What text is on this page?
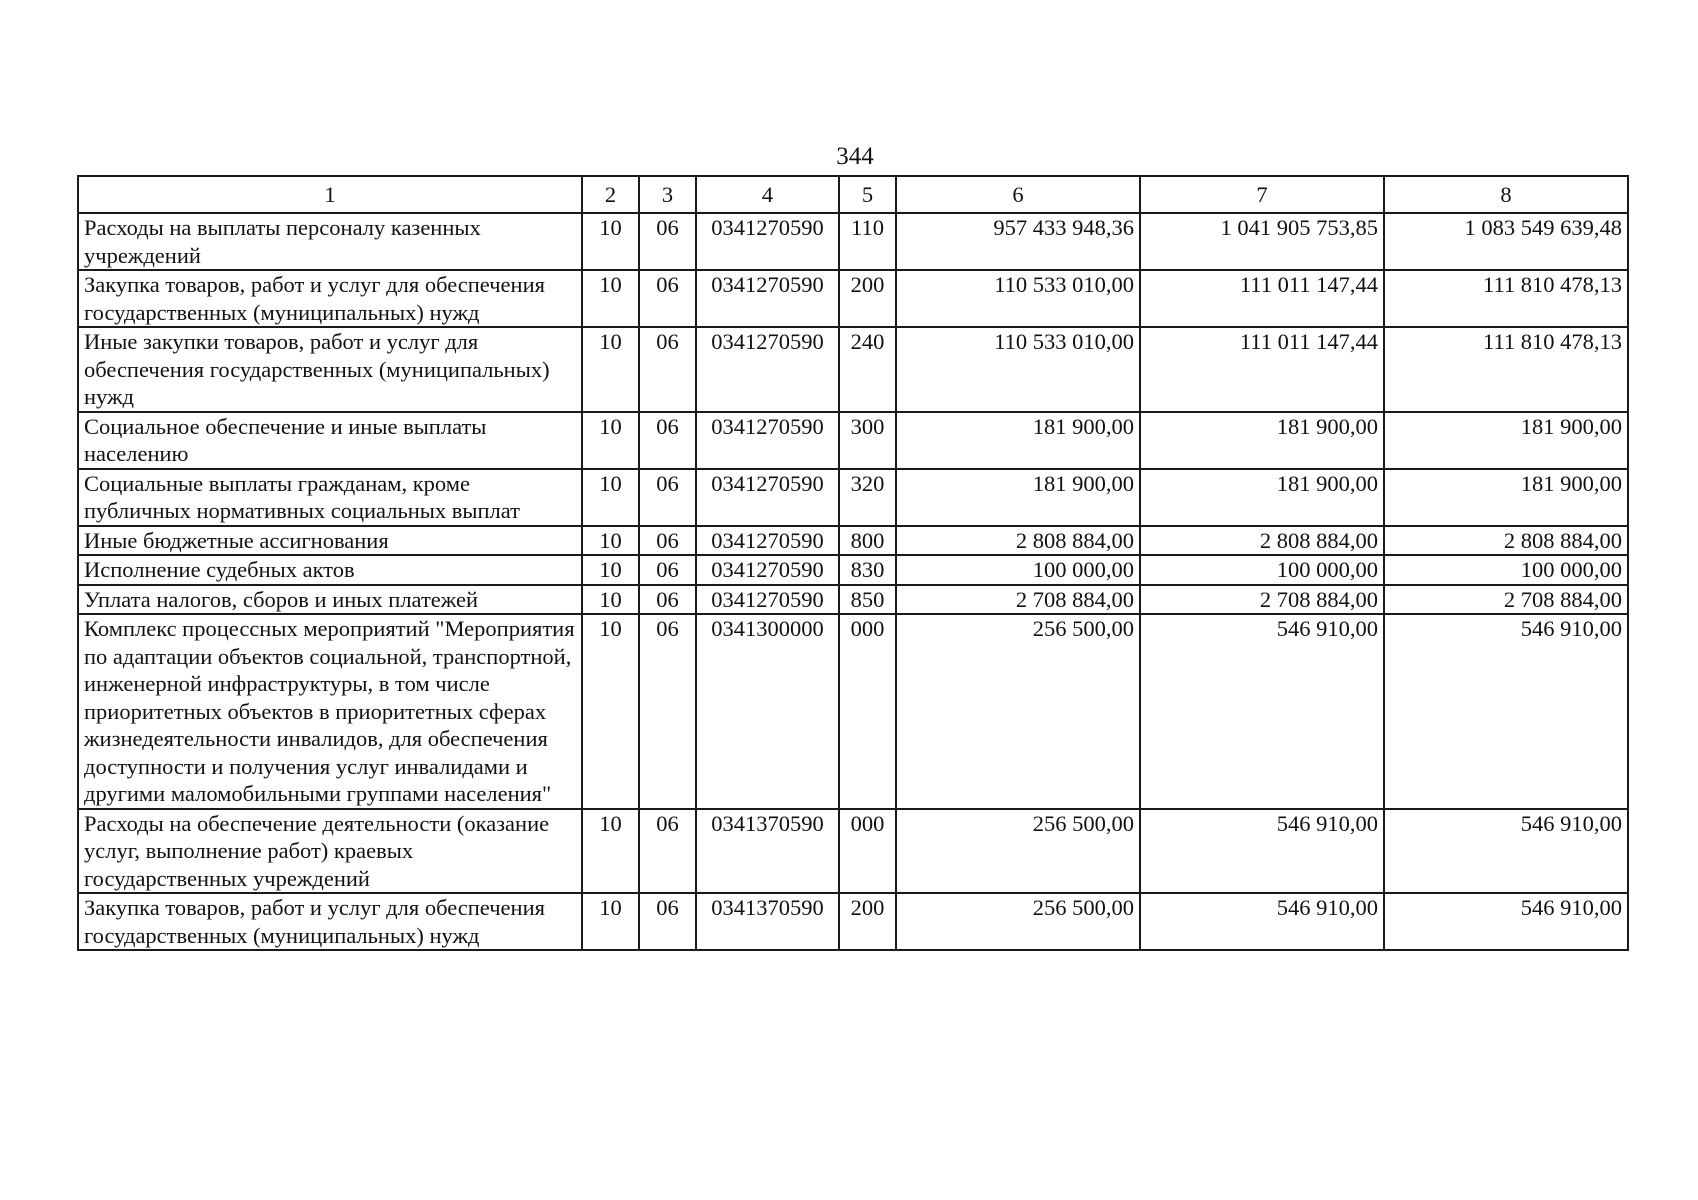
344
1	2	3	4	5	6	7	8
Расходы на выплаты персоналу казенных учреждений	10	06	0341270590	110	957 433 948,36	1 041 905 753,85	1 083 549 639,48
Закупка товаров, работ и услуг для обеспечения государственных (муниципальных) нужд	10	06	0341270590	200	110 533 010,00	111 011 147,44	111 810 478,13
Иные закупки товаров, работ и услуг для обеспечения государственных (муниципальных) нужд	10	06	0341270590	240	110 533 010,00	111 011 147,44	111 810 478,13
Социальное обеспечение и иные выплаты населению	10	06	0341270590	300	181 900,00	181 900,00	181 900,00
Социальные выплаты гражданам, кроме публичных нормативных социальных выплат	10	06	0341270590	320	181 900,00	181 900,00	181 900,00
Иные бюджетные ассигнования	10	06	0341270590	800	2 808 884,00	2 808 884,00	2 808 884,00
Исполнение судебных актов	10	06	0341270590	830	100 000,00	100 000,00	100 000,00
Уплата налогов, сборов и иных платежей	10	06	0341270590	850	2 708 884,00	2 708 884,00	2 708 884,00
Комплекс процессных мероприятий "Мероприятия по адаптации объектов социальной, транспортной, инженерной инфраструктуры, в том числе приоритетных объектов в приоритетных сферах жизнедеятельности инвалидов, для обеспечения доступности и получения услуг инвалидами и другими маломобильными группами населения"	10	06	0341300000	000	256 500,00	546 910,00	546 910,00
Расходы на обеспечение деятельности (оказание услуг, выполнение работ) краевых государственных учреждений	10	06	0341370590	000	256 500,00	546 910,00	546 910,00
Закупка товаров, работ и услуг для обеспечения государственных (муниципальных) нужд	10	06	0341370590	200	256 500,00	546 910,00	546 910,00
